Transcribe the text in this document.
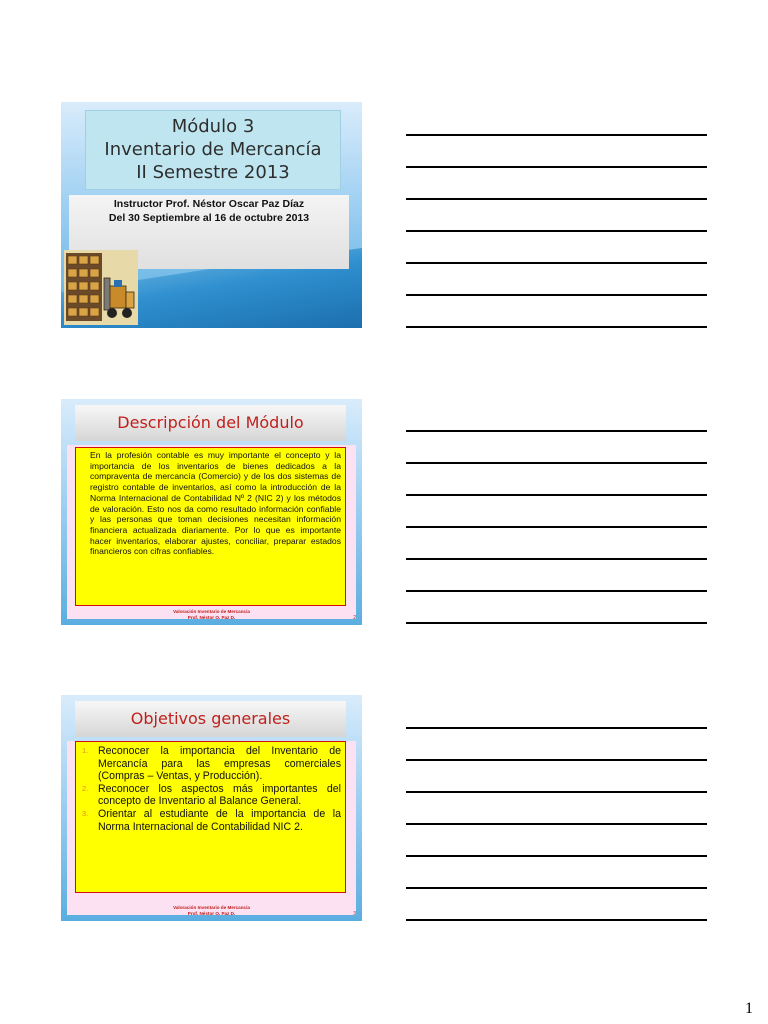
Módulo 3
Inventario de Mercancía
II Semestre 2013
Instructor Prof. Néstor Oscar Paz Díaz
Del 30 Septiembre al 16 de octubre 2013
Descripción del Módulo
En la profesión contable es muy importante el concepto y la importancia de los inventarios de bienes dedicados a la compraventa de mercancía (Comercio) y de los dos sistemas de registro contable de inventarios, así como la introducción de la Norma Internacional de Contabilidad Nº 2 (NIC 2) y los métodos de valoración. Esto nos da como resultado información confiable y las personas que toman decisiones necesitan información financiera actualizada diariamente. Por lo que es importante hacer inventarios, elaborar ajustes, conciliar, preparar estados financieros con cifras confiables.
Valoración Inventario de Mercancía
Prof. Néstor O. Paz D.	2
Objetivos generales
1. Reconocer la importancia del Inventario de Mercancía para las empresas comerciales (Compras – Ventas, y Producción).
2. Reconocer los aspectos más importantes del concepto de Inventario al Balance General.
3. Orientar al estudiante de la importancia de la Norma Internacional de Contabilidad NIC 2.
Valoración Inventario de Mercancía
Prof. Néstor O. Paz D.	3
1
